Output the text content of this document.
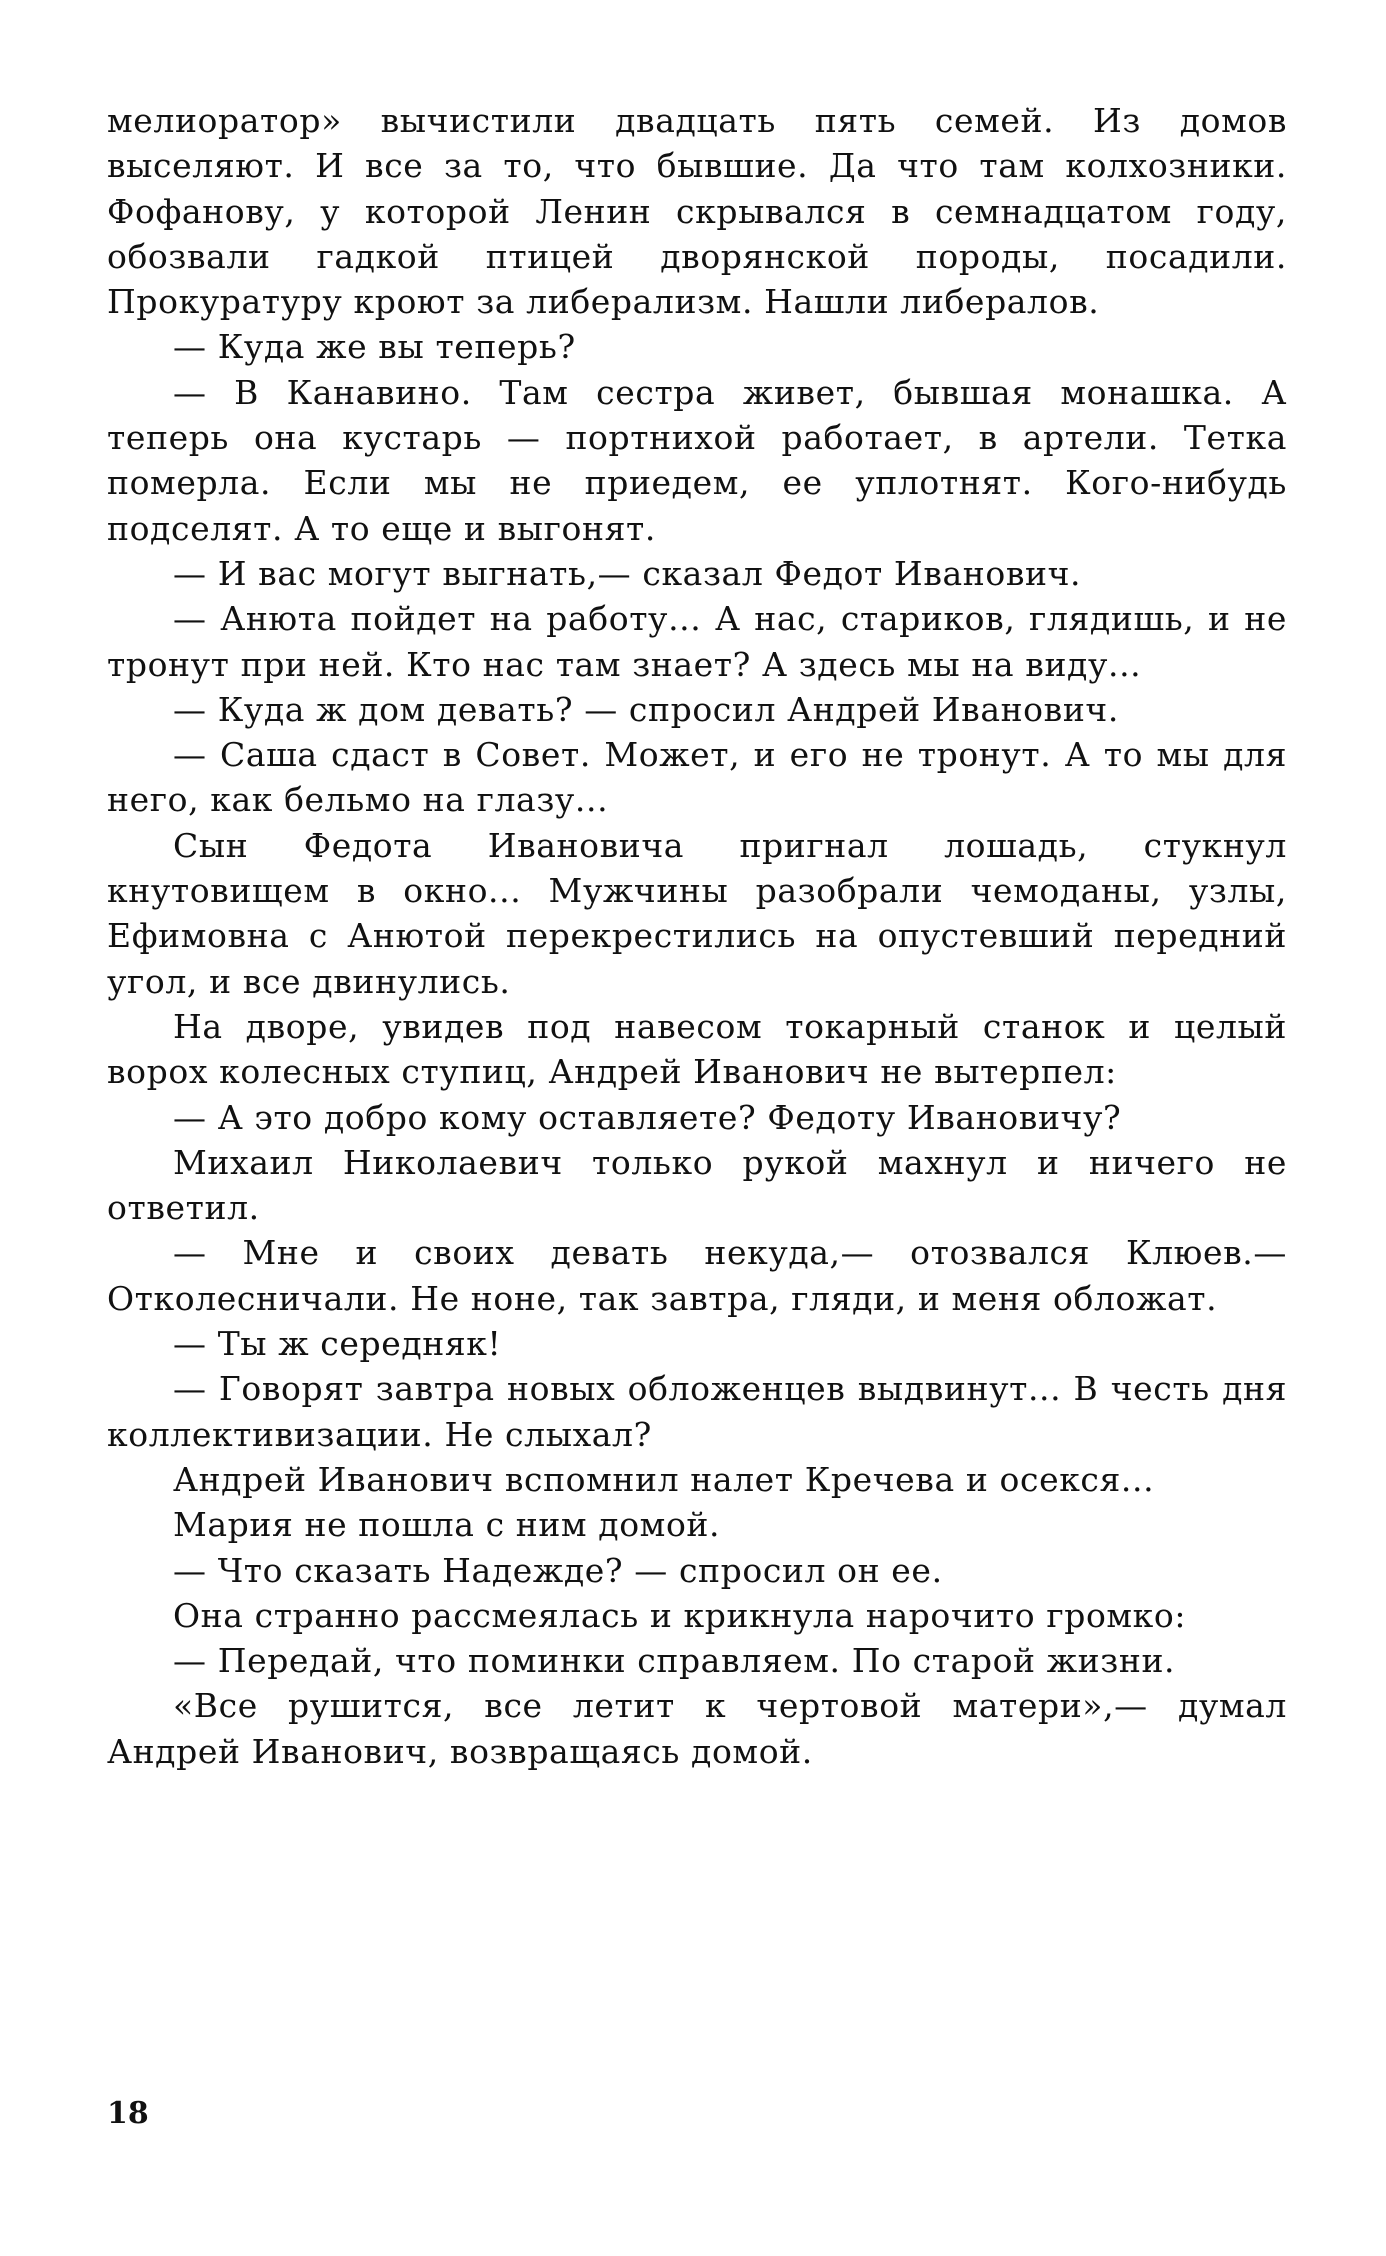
мелиоратор» вычистили двадцать пять семей. Из домов выселяют. И все за то, что бывшие. Да что там колхозники. Фофанову, у которой Ленин скрывался в семнадцатом году, обозвали гадкой птицей дворянской породы, посадили. Прокуратуру кроют за либерализм. Нашли либералов.

— Куда же вы теперь?

— В Канавино. Там сестра живет, бывшая монашка. А теперь она кустарь — портнихой работает, в артели. Тетка померла. Если мы не приедем, ее уплотнят. Кого-нибудь подселят. А то еще и выгонят.

— И вас могут выгнать,— сказал Федот Иванович.

— Анюта пойдет на работу... А нас, стариков, глядишь, и не тронут при ней. Кто нас там знает? А здесь мы на виду...

— Куда ж дом девать? — спросил Андрей Иванович.

— Саша сдаст в Совет. Может, и его не тронут. А то мы для него, как бельмо на глазу...

Сын Федота Ивановича пригнал лошадь, стукнул кнутовищем в окно... Мужчины разобрали чемоданы, узлы, Ефимовна с Анютой перекрестились на опустевший передний угол, и все двинулись.

На дворе, увидев под навесом токарный станок и целый ворох колесных ступиц, Андрей Иванович не вытерпел:

— А это добро кому оставляете? Федоту Ивановичу?

Михаил Николаевич только рукой махнул и ничего не ответил.

— Мне и своих девать некуда,— отозвался Клюев.— Отколесничали. Не ноне, так завтра, гляди, и меня обложат.

— Ты ж середняк!

— Говорят завтра новых обложенцев выдвинут... В честь дня коллективизации. Не слыхал?

Андрей Иванович вспомнил налет Кречева и осекся...

Мария не пошла с ним домой.

— Что сказать Надежде? — спросил он ее.

Она странно рассмеялась и крикнула нарочито громко:

— Передай, что поминки справляем. По старой жизни.

«Все рушится, все летит к чертовой матери»,— думал Андрей Иванович, возвращаясь домой.

18
